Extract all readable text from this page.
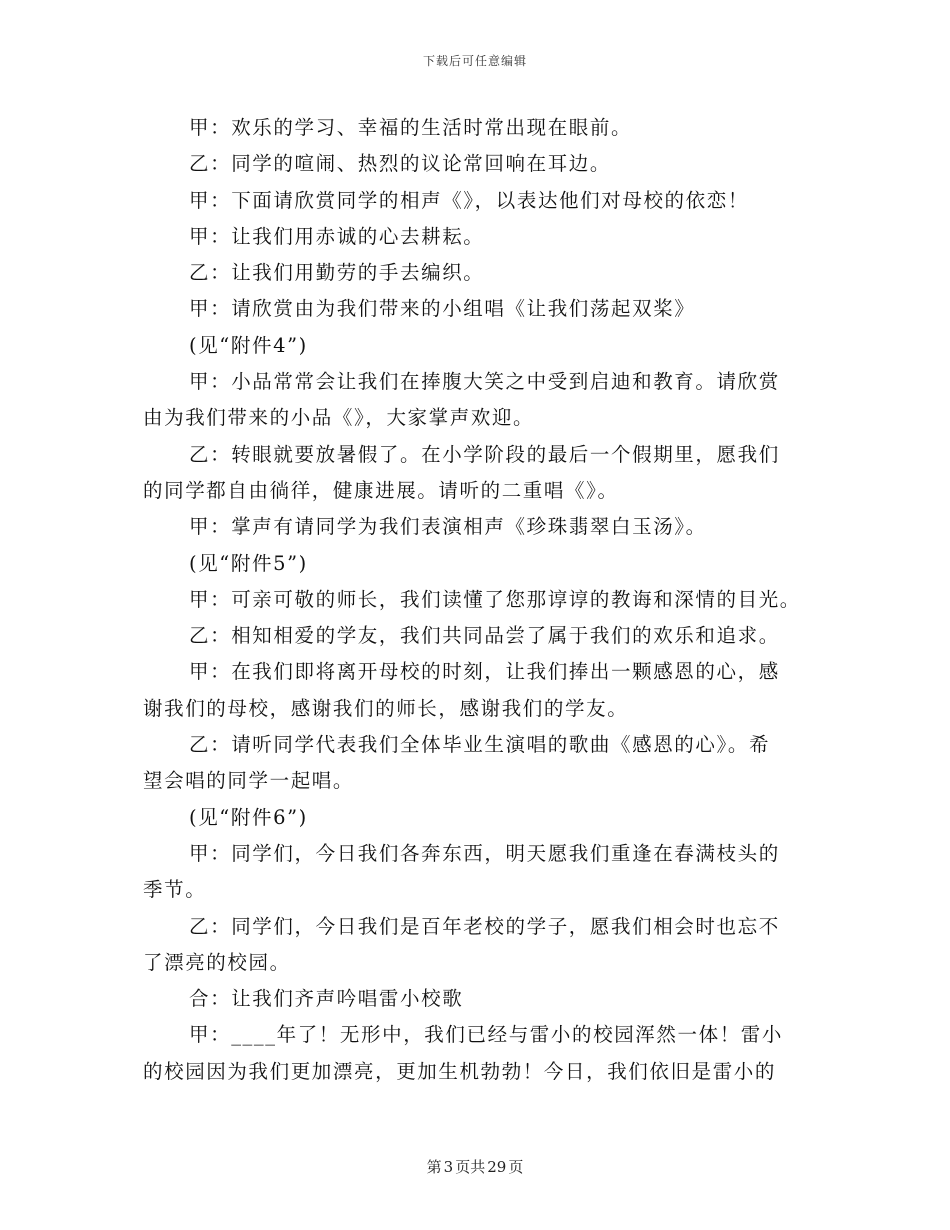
下载后可任意编辑

甲：欢乐的学习、幸福的生活时常出现在眼前。

乙：同学的喧闹、热烈的议论常回响在耳边。

甲：下面请欣赏同学的相声《》，以表达他们对母校的依恋！

甲：让我们用赤诚的心去耕耘。

乙：让我们用勤劳的手去编织。

甲：请欣赏由为我们带来的小组唱《让我们荡起双桨》

(见“附件4”)

甲：小品常常会让我们在捧腹大笑之中受到启迪和教育。请欣赏

由为我们带来的小品《》，大家掌声欢迎。

乙：转眼就要放暑假了。在小学阶段的最后一个假期里，愿我们

的同学都自由徜徉，健康进展。请听的二重唱《》。

甲：掌声有请同学为我们表演相声《珍珠翡翠白玉汤》。

(见“附件5”)

甲：可亲可敬的师长，我们读懂了您那谆谆的教诲和深情的目光。

乙：相知相爱的学友，我们共同品尝了属于我们的欢乐和追求。

甲：在我们即将离开母校的时刻，让我们捧出一颗感恩的心，感

谢我们的母校，感谢我们的师长，感谢我们的学友。

乙：请听同学代表我们全体毕业生演唱的歌曲《感恩的心》。希

望会唱的同学一起唱。

(见“附件6”)

甲：同学们，今日我们各奔东西，明天愿我们重逢在春满枝头的

季节。

乙：同学们，今日我们是百年老校的学子，愿我们相会时也忘不

了漂亮的校园。

合：让我们齐声吟唱雷小校歌

甲：____年了！无形中，我们已经与雷小的校园浑然一体！雷小

的校园因为我们更加漂亮，更加生机勃勃！今日，我们依旧是雷小的

第 3 页共 29 页
